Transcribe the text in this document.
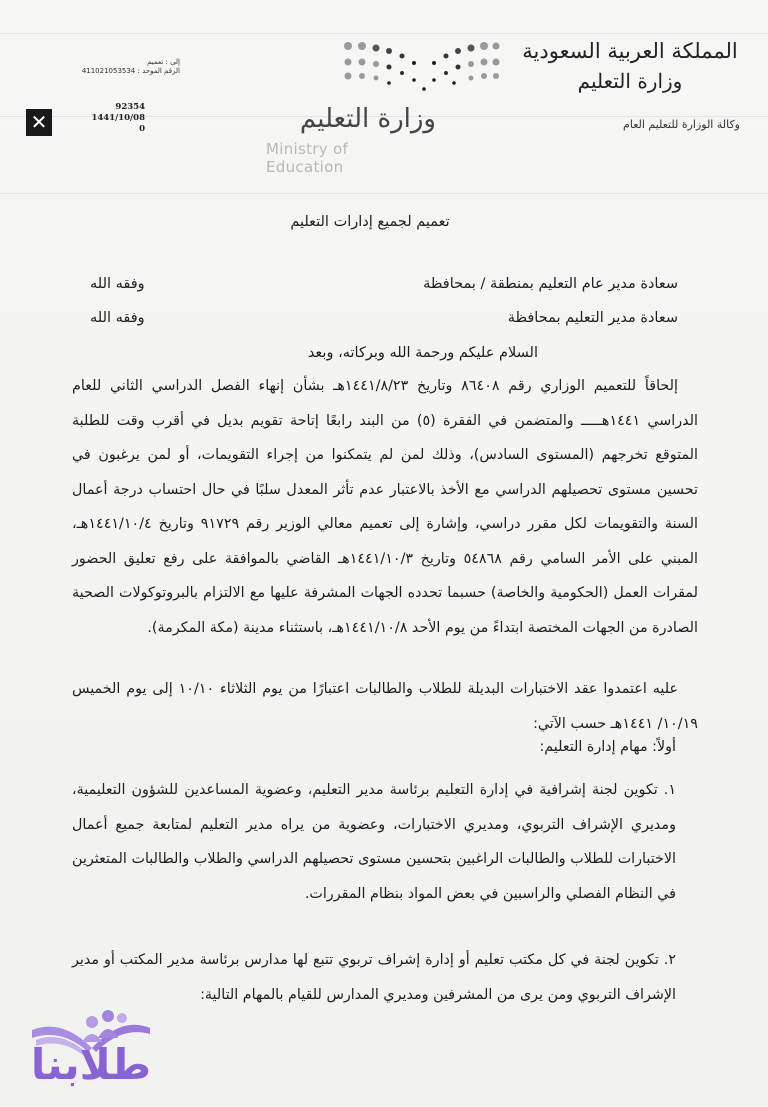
المملكة العربية السعودية
وزارة التعليم
وكالة الوزارة للتعليم العام
وزارة التعليم
Ministry of Education
إلى : تعميم
الرقم الموحد : 411021053534
92354
1441/10/08
0
✕
تعميم لجميع إدارات التعليم
سعادة مدير عام التعليم بمنطقة / بمحافظة
وفقه الله
سعادة مدير التعليم بمحافظة
وفقه الله
السلام عليكم ورحمة الله وبركاته، وبعد
إلحاقاً للتعميم الوزاري رقم ٨٦٤٠٨ وتاريخ ١٤٤١/٨/٢٣هـ بشأن إنهاء الفصل الدراسي الثاني للعام الدراسي ١٤٤١هـــــ والمتضمن في الفقرة (٥) من البند رابعًا إتاحة تقويم بديل في أقرب وقت للطلبة المتوقع تخرجهم (المستوى السادس)، وذلك لمن لم يتمكنوا من إجراء التقويمات، أو لمن يرغبون في تحسين مستوى تحصيلهم الدراسي مع الأخذ بالاعتبار عدم تأثر المعدل سلبًا في حال احتساب درجة أعمال السنة والتقويمات لكل مقرر دراسي، وإشارة إلى تعميم معالي الوزير رقم ٩١٧٢٩ وتاريخ ١٤٤١/١٠/٤هـ، المبني على الأمر السامي رقم ٥٤٨٦٨ وتاريخ ١٤٤١/١٠/٣هـ القاضي بالموافقة على رفع تعليق الحضور لمقرات العمل (الحكومية والخاصة) حسبما تحدده الجهات المشرفة عليها مع الالتزام بالبروتوكولات الصحية الصادرة من الجهات المختصة ابتداءً من يوم الأحد ١٤٤١/١٠/٨هـ، باستثناء مدينة (مكة المكرمة).
عليه اعتمدوا عقد الاختبارات البديلة للطلاب والطالبات اعتبارًا من يوم الثلاثاء ١٠/١٠ إلى يوم الخميس ١٠/١٩/ ١٤٤١هـ حسب الآتي:
أولاً: مهام إدارة التعليم:
١. تكوين لجنة إشرافية في إدارة التعليم برئاسة مدير التعليم، وعضوية المساعدين للشؤون التعليمية، ومديري الإشراف التربوي، ومديري الاختبارات، وعضوية من يراه مدير التعليم لمتابعة جميع أعمال الاختبارات للطلاب والطالبات الراغبين بتحسين مستوى تحصيلهم الدراسي والطلاب والطالبات المتعثرين في النظام الفصلي والراسبين في بعض المواد بنظام المقررات.
٢. تكوين لجنة في كل مكتب تعليم أو إدارة إشراف تربوي تتبع لها مدارس برئاسة مدير المكتب أو مدير الإشراف التربوي ومن يرى من المشرفين ومديري المدارس للقيام بالمهام التالية:
طلابنا
